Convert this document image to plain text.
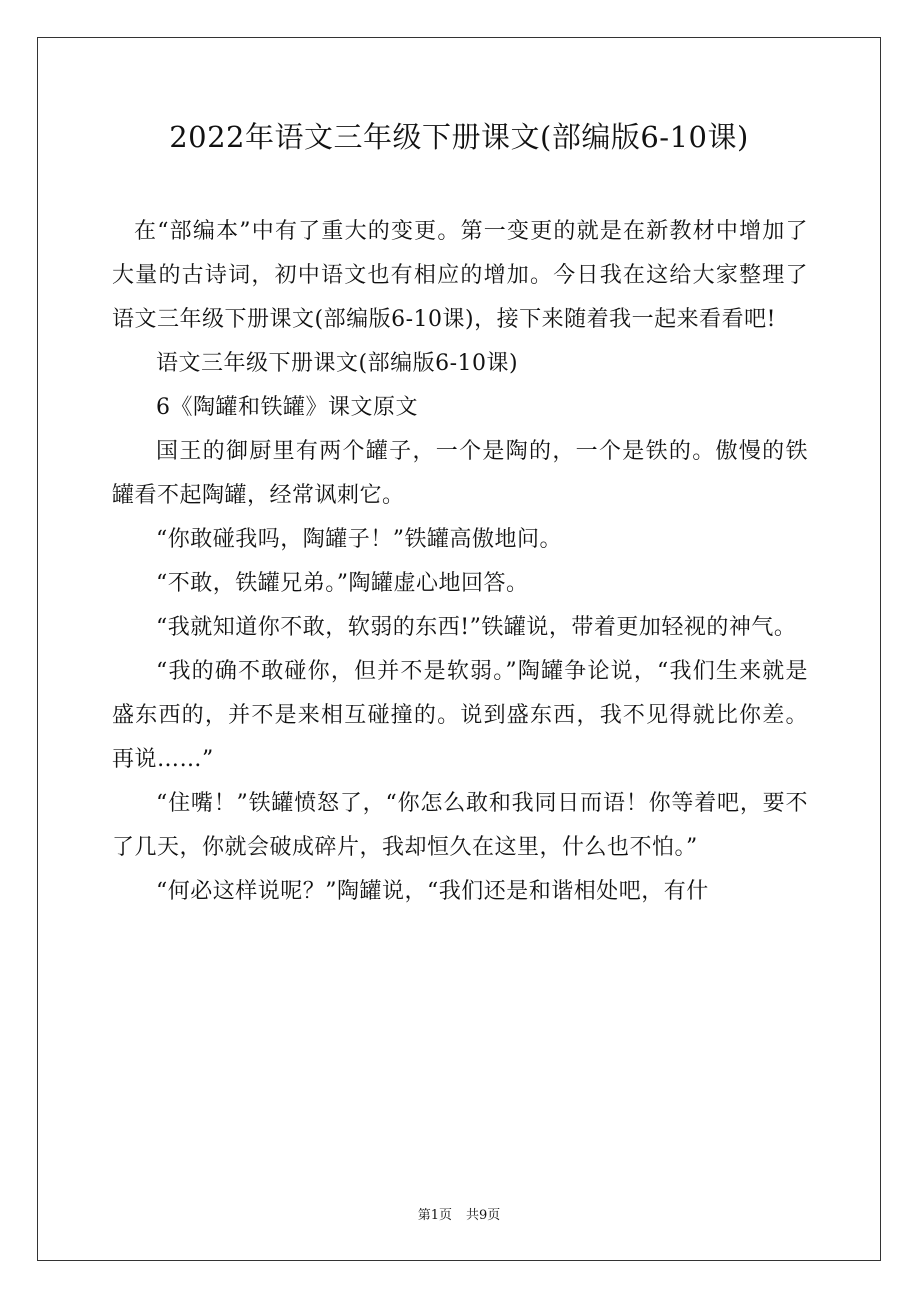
2022年语文三年级下册课文(部编版6-10课)

在“部编本”中有了重大的变更。第一变更的就是在新教材中增加了大量的古诗词，初中语文也有相应的增加。今日我在这给大家整理了语文三年级下册课文(部编版6-10课)，接下来随着我一起来看看吧!

语文三年级下册课文(部编版6-10课)

6《陶罐和铁罐》课文原文

国王的御厨里有两个罐子，一个是陶的，一个是铁的。傲慢的铁罐看不起陶罐，经常讽刺它。

“你敢碰我吗，陶罐子！”铁罐高傲地问。

“不敢，铁罐兄弟。”陶罐虚心地回答。

“我就知道你不敢，软弱的东西!”铁罐说，带着更加轻视的神气。

“我的确不敢碰你，但并不是软弱。”陶罐争论说，“我们生来就是盛东西的，并不是来相互碰撞的。说到盛东西，我不见得就比你差。再说……”

“住嘴！”铁罐愤怒了，“你怎么敢和我同日而语！你等着吧，要不了几天，你就会破成碎片，我却恒久在这里，什么也不怕。”

“何必这样说呢？”陶罐说，“我们还是和谐相处吧，有什

第1页 共9页
